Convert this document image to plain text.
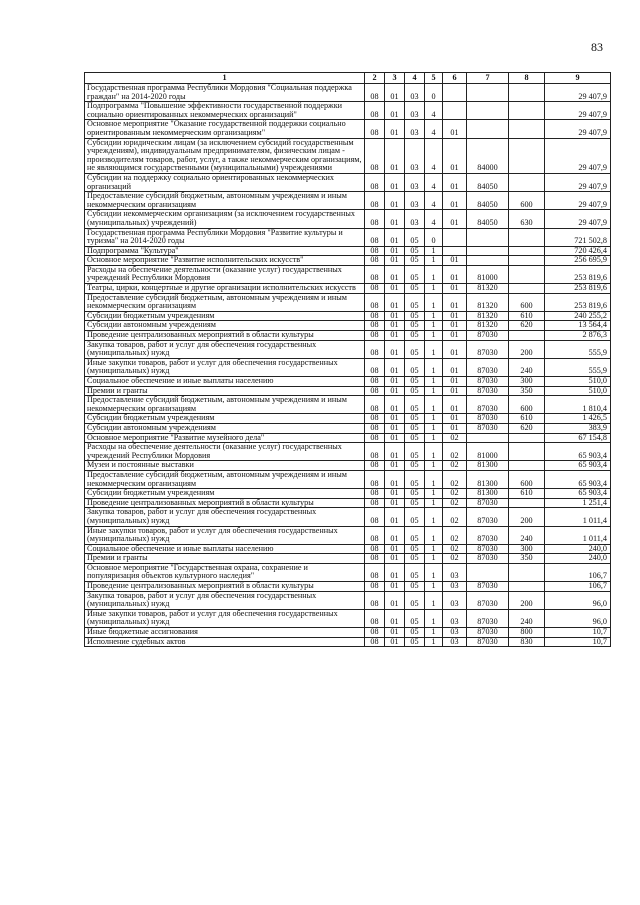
83
1	2	3	4	5	6	7	8	9
Государственная программа Республики Мордовия "Социальная поддержка граждан" на 2014-2020 годы	08	01	03	0				29 407,9
Подпрограмма "Повышение эффективности государственной поддержки социально ориентированных некоммерческих организаций"	08	01	03	4				29 407,9
Основное мероприятие "Оказание государственной поддержки социально ориентированным некоммерческим организациям"	08	01	03	4	01			29 407,9
Субсидии юридическим лицам (за исключением субсидий государственным учреждениям), индивидуальным предпринимателям, физическим лицам - производителям товаров, работ, услуг, а также некоммерческим организациям, не являющимся государственными (муниципальными) учреждениями	08	01	03	4	01	84000		29 407,9
Субсидии на поддержку социально ориентированных некоммерческих организаций	08	01	03	4	01	84050		29 407,9
Предоставление субсидий бюджетным, автономным учреждениям и иным некоммерческим организациям	08	01	03	4	01	84050	600	29 407,9
Субсидии некоммерческим организациям (за исключением государственных (муниципальных) учреждений)	08	01	03	4	01	84050	630	29 407,9
Государственная программа Республики Мордовия "Развитие культуры и туризма" на 2014-2020 годы	08	01	05	0				721 502,8
Подпрограмма "Культура"	08	01	05	1				720 426,4
Основное мероприятие "Развитие исполнительских искусств"	08	01	05	1	01			256 695,9
Расходы на обеспечение деятельности (оказание услуг) государственных учреждений Республики Мордовия	08	01	05	1	01	81000		253 819,6
Театры, цирки, концертные и другие организации исполнительских искусств	08	01	05	1	01	81320		253 819,6
Предоставление субсидий бюджетным, автономным учреждениям и иным некоммерческим организациям	08	01	05	1	01	81320	600	253 819,6
Субсидии бюджетным учреждениям	08	01	05	1	01	81320	610	240 255,2
Субсидии автономным учреждениям	08	01	05	1	01	81320	620	13 564,4
Проведение централизованных мероприятий в области культуры	08	01	05	1	01	87030		2 876,3
Закупка товаров, работ и услуг для обеспечения государственных (муниципальных) нужд	08	01	05	1	01	87030	200	555,9
Иные закупки товаров, работ и услуг для обеспечения государственных (муниципальных) нужд	08	01	05	1	01	87030	240	555,9
Социальное обеспечение и иные выплаты населению	08	01	05	1	01	87030	300	510,0
Премии и гранты	08	01	05	1	01	87030	350	510,0
Предоставление субсидий бюджетным, автономным учреждениям и иным некоммерческим организациям	08	01	05	1	01	87030	600	1 810,4
Субсидии бюджетным учреждениям	08	01	05	1	01	87030	610	1 426,5
Субсидии автономным учреждениям	08	01	05	1	01	87030	620	383,9
Основное мероприятие "Развитие музейного дела"	08	01	05	1	02			67 154,8
Расходы на обеспечение деятельности (оказание услуг) государственных учреждений Республики Мордовия	08	01	05	1	02	81000		65 903,4
Музеи и постоянные выставки	08	01	05	1	02	81300		65 903,4
Предоставление субсидий бюджетным, автономным учреждениям и иным некоммерческим организациям	08	01	05	1	02	81300	600	65 903,4
Субсидии бюджетным учреждениям	08	01	05	1	02	81300	610	65 903,4
Проведение централизованных мероприятий в области культуры	08	01	05	1	02	87030		1 251,4
Закупка товаров, работ и услуг для обеспечения государственных (муниципальных) нужд	08	01	05	1	02	87030	200	1 011,4
Иные закупки товаров, работ и услуг для обеспечения государственных (муниципальных) нужд	08	01	05	1	02	87030	240	1 011,4
Социальное обеспечение и иные выплаты населению	08	01	05	1	02	87030	300	240,0
Премии и гранты	08	01	05	1	02	87030	350	240,0
Основное мероприятие "Государственная охрана, сохранение и популяризация объектов культурного наследия"	08	01	05	1	03			106,7
Проведение централизованных мероприятий в области культуры	08	01	05	1	03	87030		106,7
Закупка товаров, работ и услуг для обеспечения государственных (муниципальных) нужд	08	01	05	1	03	87030	200	96,0
Иные закупки товаров, работ и услуг для обеспечения государственных (муниципальных) нужд	08	01	05	1	03	87030	240	96,0
Иные бюджетные ассигнования	08	01	05	1	03	87030	800	10,7
Исполнение судебных актов	08	01	05	1	03	87030	830	10,7
